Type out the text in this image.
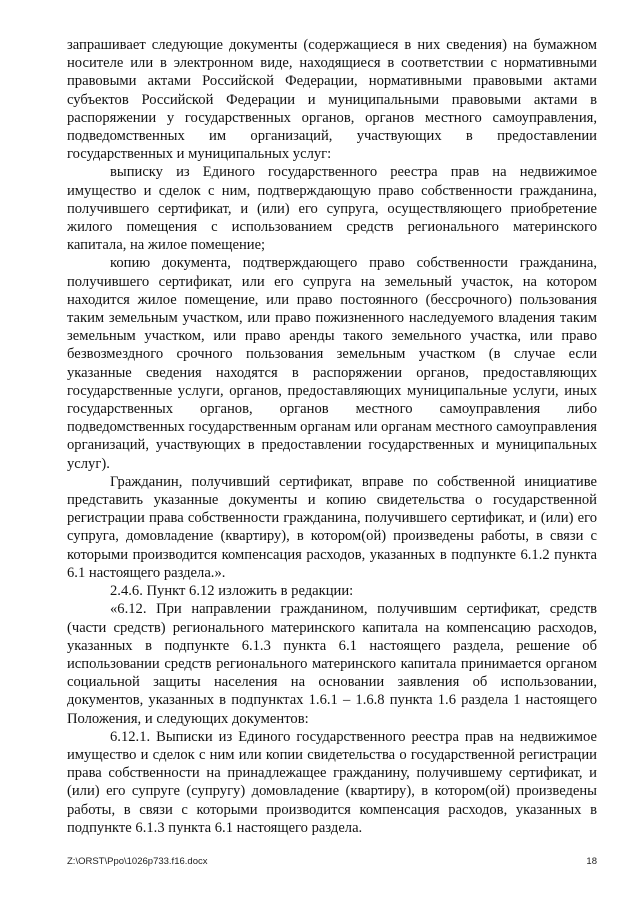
запрашивает следующие документы (содержащиеся в них сведения) на бумажном носителе или в электронном виде, находящиеся в соответствии с нормативными правовыми актами Российской Федерации, нормативными правовыми актами субъектов Российской Федерации и муниципальными правовыми актами в распоряжении у государственных органов, органов местного самоуправления, подведомственных им организаций, участвующих в предоставлении государственных и муниципальных услуг:

выписку из Единого государственного реестра прав на недвижимое имущество и сделок с ним, подтверждающую право собственности гражданина, получившего сертификат, и (или) его супруга, осуществляющего приобретение жилого помещения с использованием средств регионального материнского капитала, на жилое помещение;

копию документа, подтверждающего право собственности гражданина, получившего сертификат, или его супруга на земельный участок, на котором находится жилое помещение, или право постоянного (бессрочного) пользования таким земельным участком, или право пожизненного наследуемого владения таким земельным участком, или право аренды такого земельного участка, или право безвозмездного срочного пользования земельным участком (в случае если указанные сведения находятся в распоряжении органов, предоставляющих государственные услуги, органов, предоставляющих муниципальные услуги, иных государственных органов, органов местного самоуправления либо подведомственных государственным органам или органам местного самоуправления организаций, участвующих в предоставлении государственных и муниципальных услуг).

Гражданин, получивший сертификат, вправе по собственной инициативе представить указанные документы и копию свидетельства о государственной регистрации права собственности гражданина, получившего сертификат, и (или) его супруга, домовладение (квартиру), в котором(ой) произведены работы, в связи с которыми производится компенсация расходов, указанных в подпункте 6.1.2 пункта 6.1 настоящего раздела.».

2.4.6. Пункт 6.12 изложить в редакции:

«6.12. При направлении гражданином, получившим сертификат, средств (части средств) регионального материнского капитала на компенсацию расходов, указанных в подпункте 6.1.3 пункта 6.1 настоящего раздела, решение об использовании средств регионального материнского капитала принимается органом социальной защиты населения на основании заявления об использовании, документов, указанных в подпунктах 1.6.1 – 1.6.8 пункта 1.6 раздела 1 настоящего Положения, и следующих документов:

6.12.1. Выписки из Единого государственного реестра прав на недвижимое имущество и сделок с ним или копии свидетельства о государственной регистрации права собственности на принадлежащее гражданину, получившему сертификат, и (или) его супруге (супругу) домовладение (квартиру), в котором(ой) произведены работы, в связи с которыми производится компенсация расходов, указанных в подпункте 6.1.3 пункта 6.1 настоящего раздела.

Z:\ORST\Ppo\1026p733.f16.docx	18
